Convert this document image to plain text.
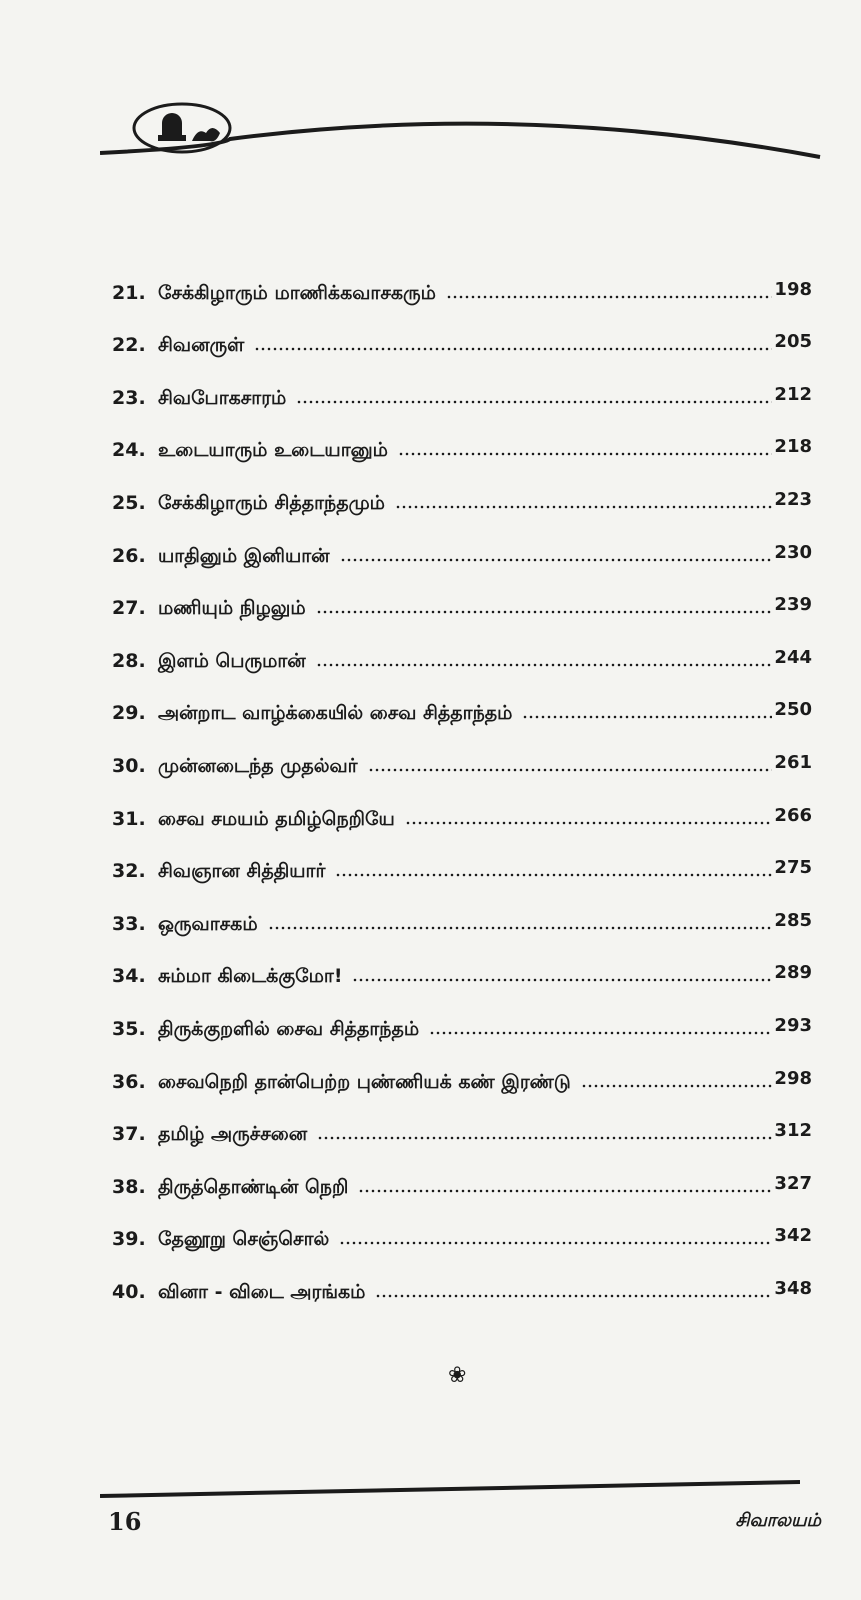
21. சேக்கிழாரும் மாணிக்கவாசகரும்	198
22. சிவனருள்	205
23. சிவபோகசாரம்	212
24. உடையாரும் உடையானும்	218
25. சேக்கிழாரும் சித்தாந்தமும்	223
26. யாதினும் இனியான்	230
27. மணியும் நிழலும்	239
28. இளம் பெருமான்	244
29. அன்றாட வாழ்க்கையில் சைவ சித்தாந்தம்	250
30. முன்னடைந்த முதல்வர்	261
31. சைவ சமயம் தமிழ்நெறியே	266
32. சிவஞான சித்தியார்	275
33. ஒருவாசகம்	285
34. சும்மா கிடைக்குமோ!	289
35. திருக்குறளில் சைவ சித்தாந்தம்	293
36. சைவநெறி தான்பெற்ற புண்ணியக் கண் இரண்டு	298
37. தமிழ் அருச்சனை	312
38. திருத்தொண்டின் நெறி	327
39. தேனூறு செஞ்சொல்	342
40. வினா - விடை அரங்கம்	348
❀
16	சிவாலயம்
